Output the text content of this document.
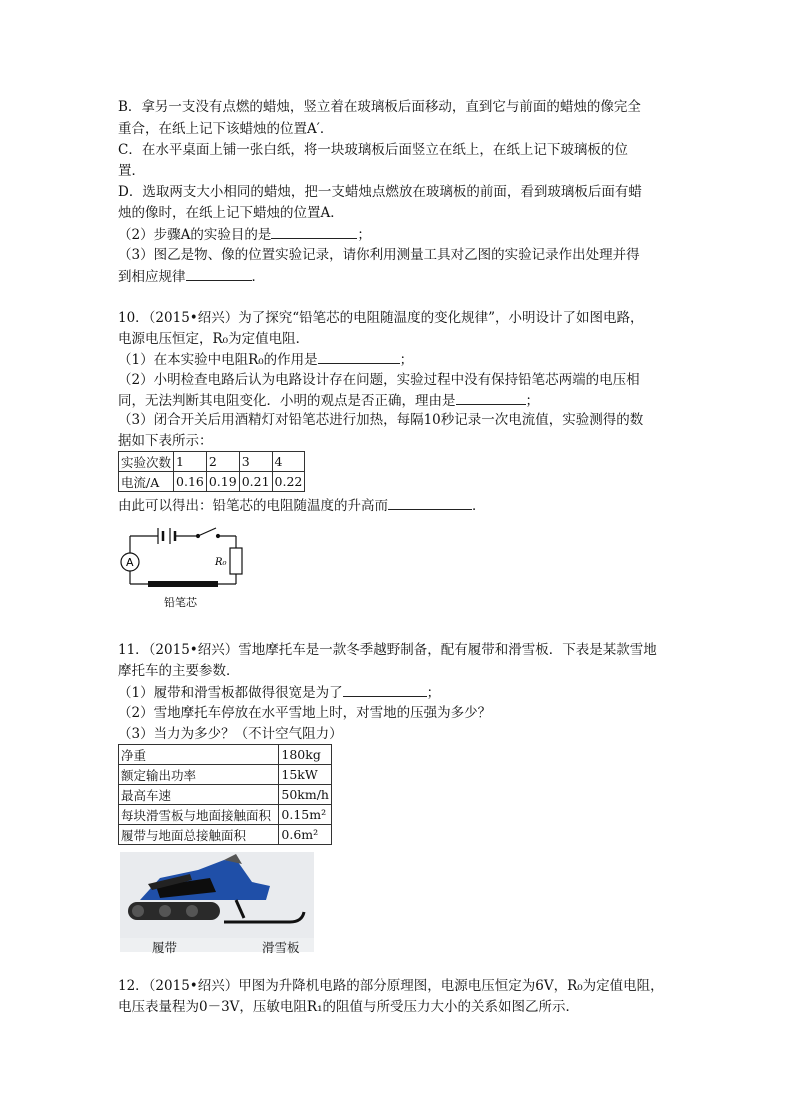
B．拿另一支没有点燃的蜡烛，竖立着在玻璃板后面移动，直到它与前面的蜡烛的像完全
重合，在纸上记下该蜡烛的位置A′．
C．在水平桌面上铺一张白纸，将一块玻璃板后面竖立在纸上，在纸上记下玻璃板的位
置．
D．选取两支大小相同的蜡烛，把一支蜡烛点燃放在玻璃板的前面，看到玻璃板后面有蜡
烛的像时，在纸上记下蜡烛的位置A．
（2）步骤A的实验目的是	；
（3）图乙是物、像的位置实验记录，请你利用测量工具对乙图的实验记录作出处理并得
到相应规律	．
10．（2015•绍兴）为了探究“铅笔芯的电阻随温度的变化规律”，小明设计了如图电路，
电源电压恒定，R₀为定值电阻．
（1）在本实验中电阻R₀的作用是	；
（2）小明检查电路后认为电路设计存在问题，实验过程中没有保持铅笔芯两端的电压相
同，无法判断其电阻变化．小明的观点是否正确，理由是	；
（3）闭合开关后用酒精灯对铅笔芯进行加热，每隔10秒记录一次电流值，实验测得的数
据如下表所示：
实验次数	1	2	3	4
电流/A	0.16	0.19	0.21	0.22
由此可以得出：铅笔芯的电阻随温度的升高而	．
A	R₀
铅笔芯
11．（2015•绍兴）雪地摩托车是一款冬季越野制备，配有履带和滑雪板．下表是某款雪地
摩托车的主要参数．
（1）履带和滑雪板都做得很宽是为了	；
（2）雪地摩托车停放在水平雪地上时，对雪地的压强为多少？
（3）当力为多少？（不计空气阻力）
净重	180kg
额定输出功率	15kW
最高车速	50km/h
每块滑雪板与地面接触面积	0.15m²
履带与地面总接触面积	0.6m²
履带	滑雪板
12．（2015•绍兴）甲图为升降机电路的部分原理图，电源电压恒定为6V，R₀为定值电阻，
电压表量程为0－3V，压敏电阻R₁的阻值与所受压力大小的关系如图乙所示．
